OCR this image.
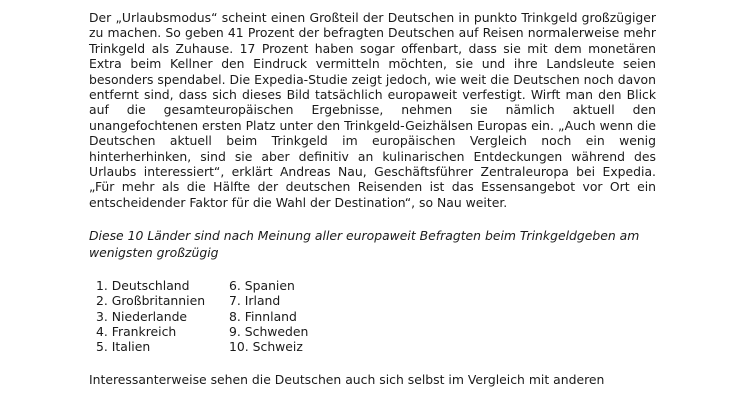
Der „Urlaubsmodus“ scheint einen Großteil der Deutschen in punkto Trinkgeld großzügiger zu machen. So geben 41 Prozent der befragten Deutschen auf Reisen normalerweise mehr Trinkgeld als Zuhause. 17 Prozent haben sogar offenbart, dass sie mit dem monetären Extra beim Kellner den Eindruck vermitteln möchten, sie und ihre Landsleute seien besonders spendabel. Die Expedia-Studie zeigt jedoch, wie weit die Deutschen noch davon entfernt sind, dass sich dieses Bild tatsächlich europaweit verfestigt. Wirft man den Blick auf die gesamteuropäischen Ergebnisse, nehmen sie nämlich aktuell den unangefochtenen ersten Platz unter den Trinkgeld-Geizhälsen Europas ein. „Auch wenn die Deutschen aktuell beim Trinkgeld im europäischen Vergleich noch ein wenig hinterherhinken, sind sie aber definitiv an kulinarischen Entdeckungen während des Urlaubs interessiert“, erklärt Andreas Nau, Geschäftsführer Zentraleuropa bei Expedia. „Für mehr als die Hälfte der deutschen Reisenden ist das Essensangebot vor Ort ein entscheidender Faktor für die Wahl der Destination“, so Nau weiter.

Diese 10 Länder sind nach Meinung aller europaweit Befragten beim Trinkgeldgeben am wenigsten großzügig

1. Deutschland
2. Großbritannien
3. Niederlande
4. Frankreich
5. Italien
6. Spanien
7. Irland
8. Finnland
9. Schweden
10. Schweiz

Interessanterweise sehen die Deutschen auch sich selbst im Vergleich mit anderen
